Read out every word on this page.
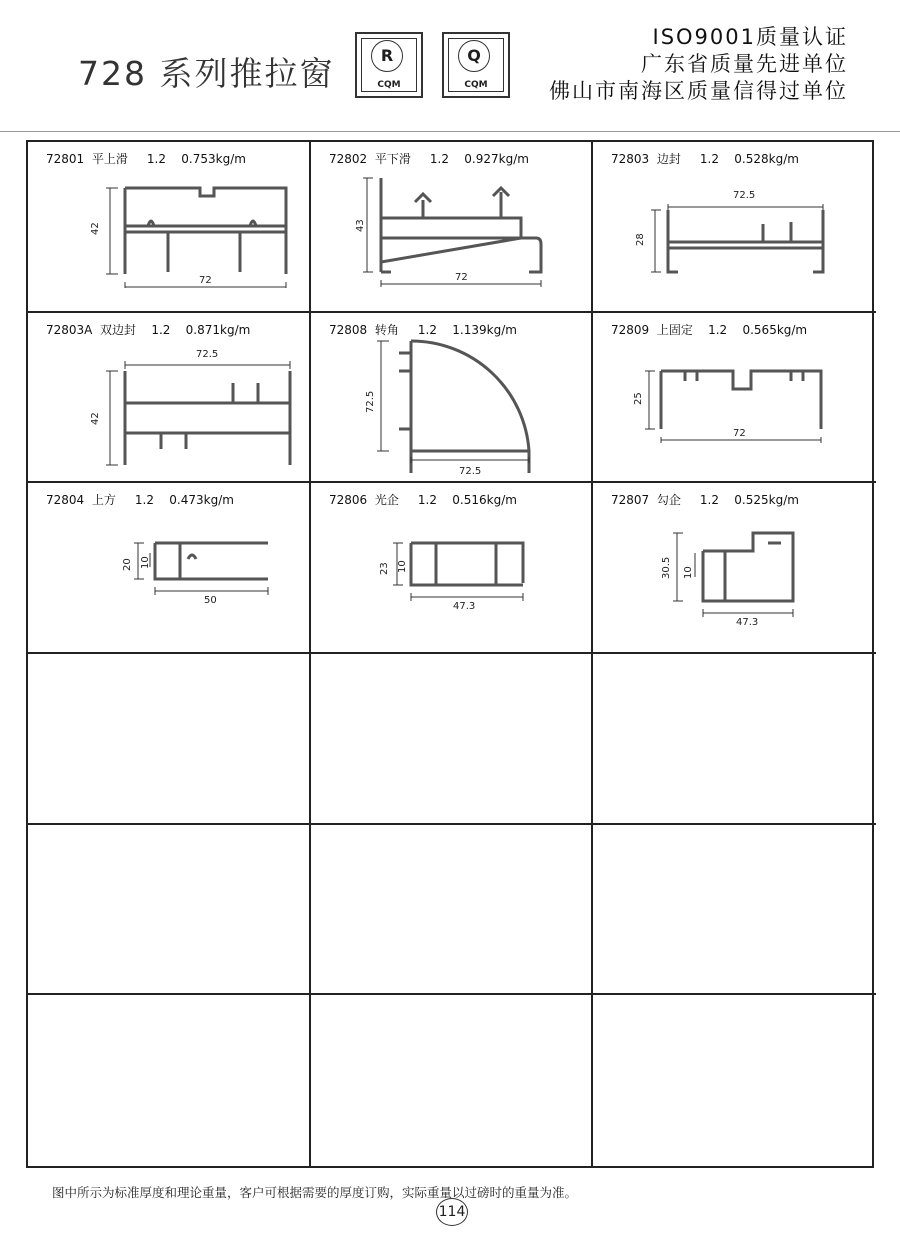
728 系列推拉窗	R
CQM
Q
CQM
ISO9001质量认证
广东省质量先进单位
佛山市南海区质量信得过单位
72801 平上滑 1.2 0.753kg/m
42
72
72802 平下滑 1.2 0.927kg/m
43
72
72803 边封 1.2 0.528kg/m
28
72.5
72803A 双边封 1.2 0.871kg/m
42
72.5
72808 转角 1.2 1.139kg/m
72.5
72.5
72809 上固定 1.2 0.565kg/m
25
72
72804 上方 1.2 0.473kg/m
20 10
50
72806 光企 1.2 0.516kg/m
23 10
47.3
72807 勾企 1.2 0.525kg/m
30.5 10
47.3
图中所示为标准厚度和理论重量，客户可根据需要的厚度订购，实际重量以过磅时的重量为准。
114
